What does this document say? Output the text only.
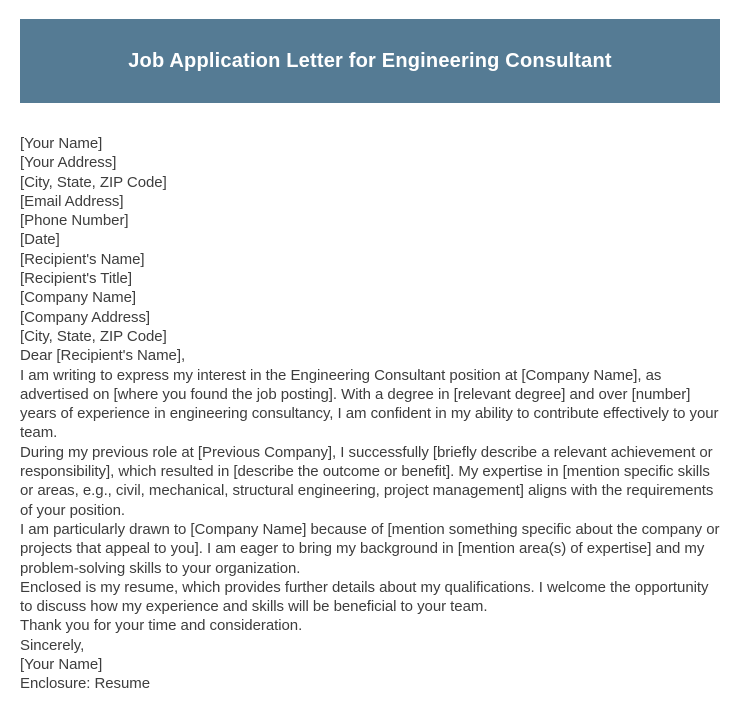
Job Application Letter for Engineering Consultant

[Your Name]

[Your Address]

[City, State, ZIP Code]

[Email Address]

[Phone Number]

[Date]

[Recipient's Name]

[Recipient's Title]

[Company Name]

[Company Address]

[City, State, ZIP Code]

Dear [Recipient's Name],

I am writing to express my interest in the Engineering Consultant position at [Company Name], as advertised on [where you found the job posting]. With a degree in [relevant degree] and over [number] years of experience in engineering consultancy, I am confident in my ability to contribute effectively to your team.

During my previous role at [Previous Company], I successfully [briefly describe a relevant achievement or responsibility], which resulted in [describe the outcome or benefit]. My expertise in [mention specific skills or areas, e.g., civil, mechanical, structural engineering, project management] aligns with the requirements of your position.

I am particularly drawn to [Company Name] because of [mention something specific about the company or projects that appeal to you]. I am eager to bring my background in [mention area(s) of expertise] and my problem-solving skills to your organization.

Enclosed is my resume, which provides further details about my qualifications. I welcome the opportunity to discuss how my experience and skills will be beneficial to your team.

Thank you for your time and consideration.

Sincerely,

[Your Name]

Enclosure: Resume
